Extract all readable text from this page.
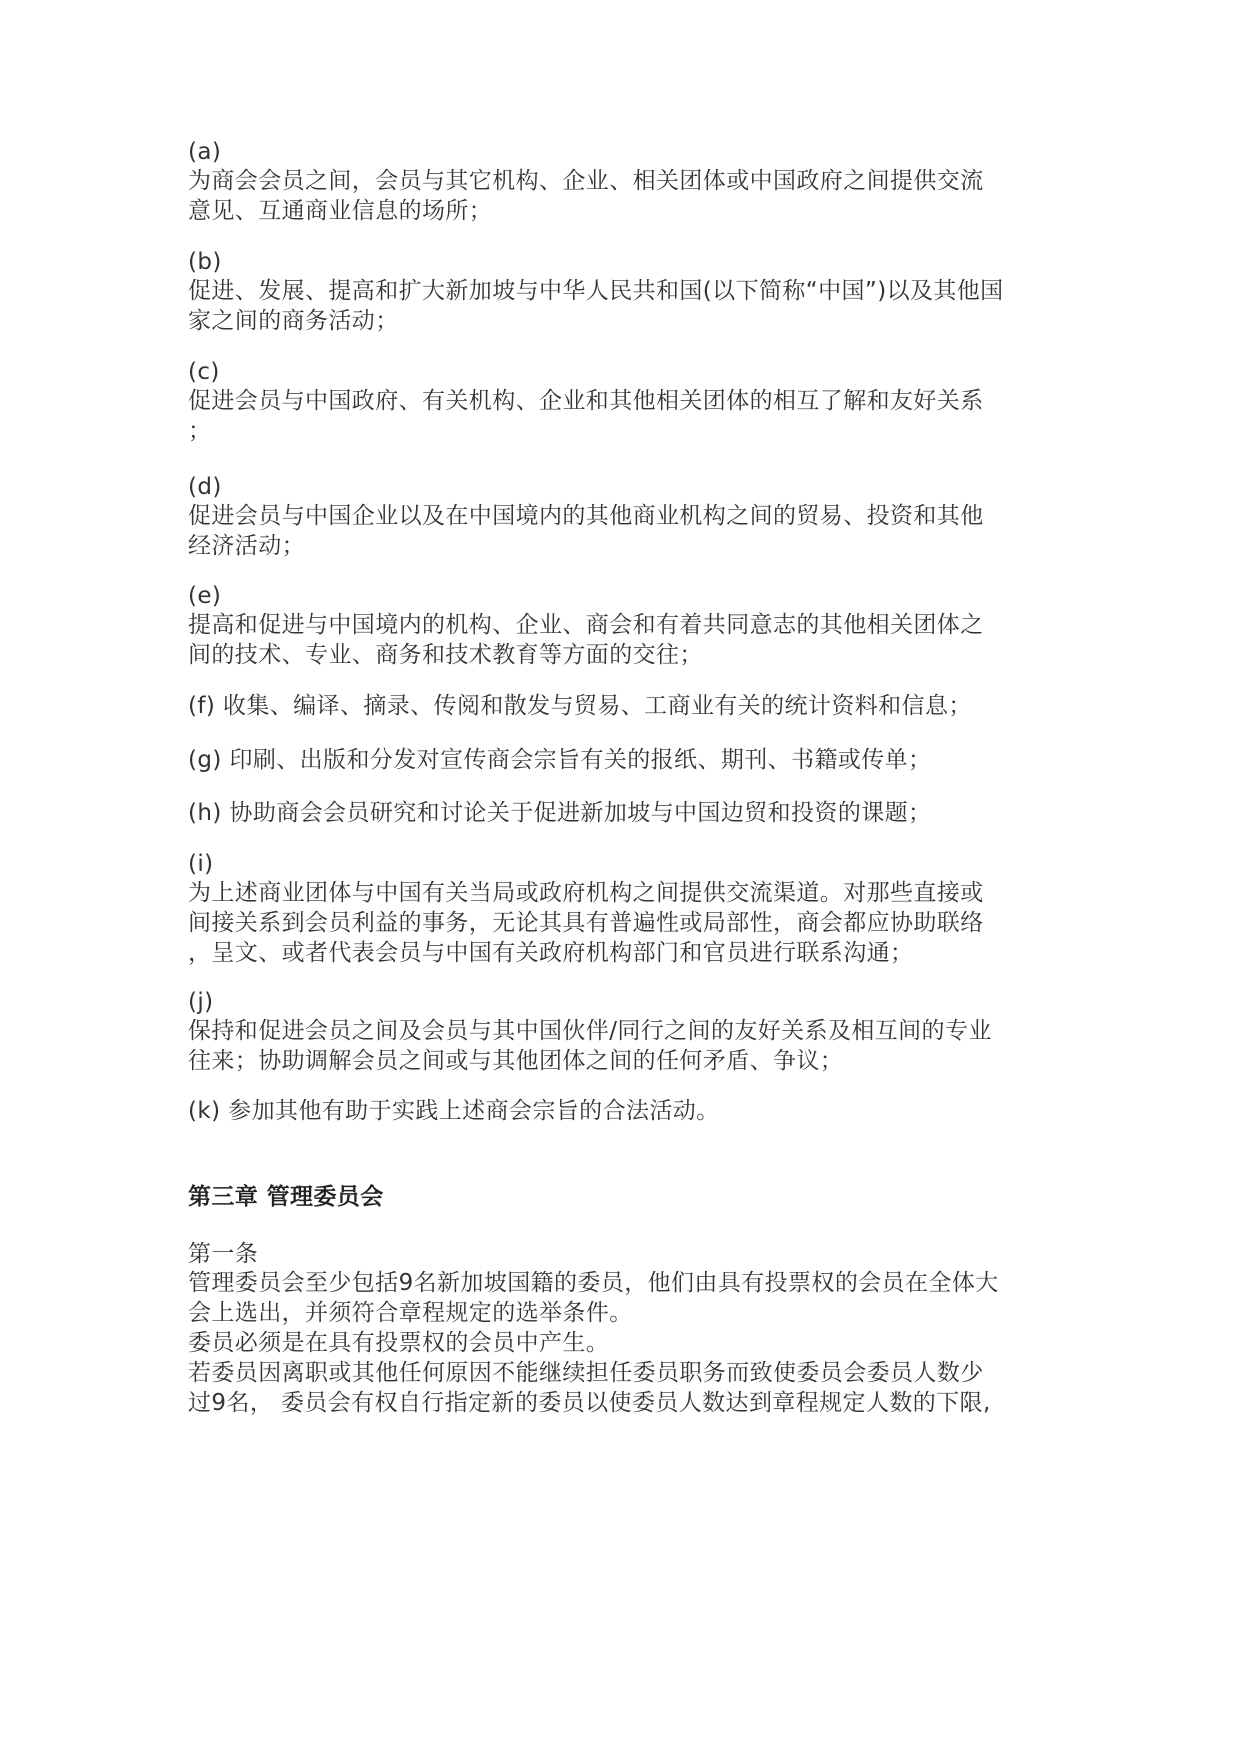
(a)
为商会会员之间，会员与其它机构、企业、相关团体或中国政府之间提供交流
意见、互通商业信息的场所；
(b)
促进、发展、提高和扩大新加坡与中华人民共和国(以下简称“中国”)以及其他国
家之间的商务活动；
(c)
促进会员与中国政府、有关机构、企业和其他相关团体的相互了解和友好关系
；
(d)
促进会员与中国企业以及在中国境内的其他商业机构之间的贸易、投资和其他
经济活动；
(e)
提高和促进与中国境内的机构、企业、商会和有着共同意志的其他相关团体之
间的技术、专业、商务和技术教育等方面的交往；
(f) 收集、编译、摘录、传阅和散发与贸易、工商业有关的统计资料和信息；
(g) 印刷、出版和分发对宣传商会宗旨有关的报纸、期刊、书籍或传单；
(h) 协助商会会员研究和讨论关于促进新加坡与中国边贸和投资的课题；
(i)
为上述商业团体与中国有关当局或政府机构之间提供交流渠道。对那些直接或
间接关系到会员利益的事务，无论其具有普遍性或局部性，商会都应协助联络
，呈文、或者代表会员与中国有关政府机构部门和官员进行联系沟通；
(j)
保持和促进会员之间及会员与其中国伙伴/同行之间的友好关系及相互间的专业
往来；协助调解会员之间或与其他团体之间的任何矛盾、争议；
(k) 参加其他有助于实践上述商会宗旨的合法活动。
第三章 管理委员会
第一条
管理委员会至少包括9名新加坡国籍的委员，他们由具有投票权的会员在全体大
会上选出，并须符合章程规定的选举条件。
委员必须是在具有投票权的会员中产生。
若委员因离职或其他任何原因不能继续担任委员职务而致使委员会委员人数少
过9名， 委员会有权自行指定新的委员以使委员人数达到章程规定人数的下限,
